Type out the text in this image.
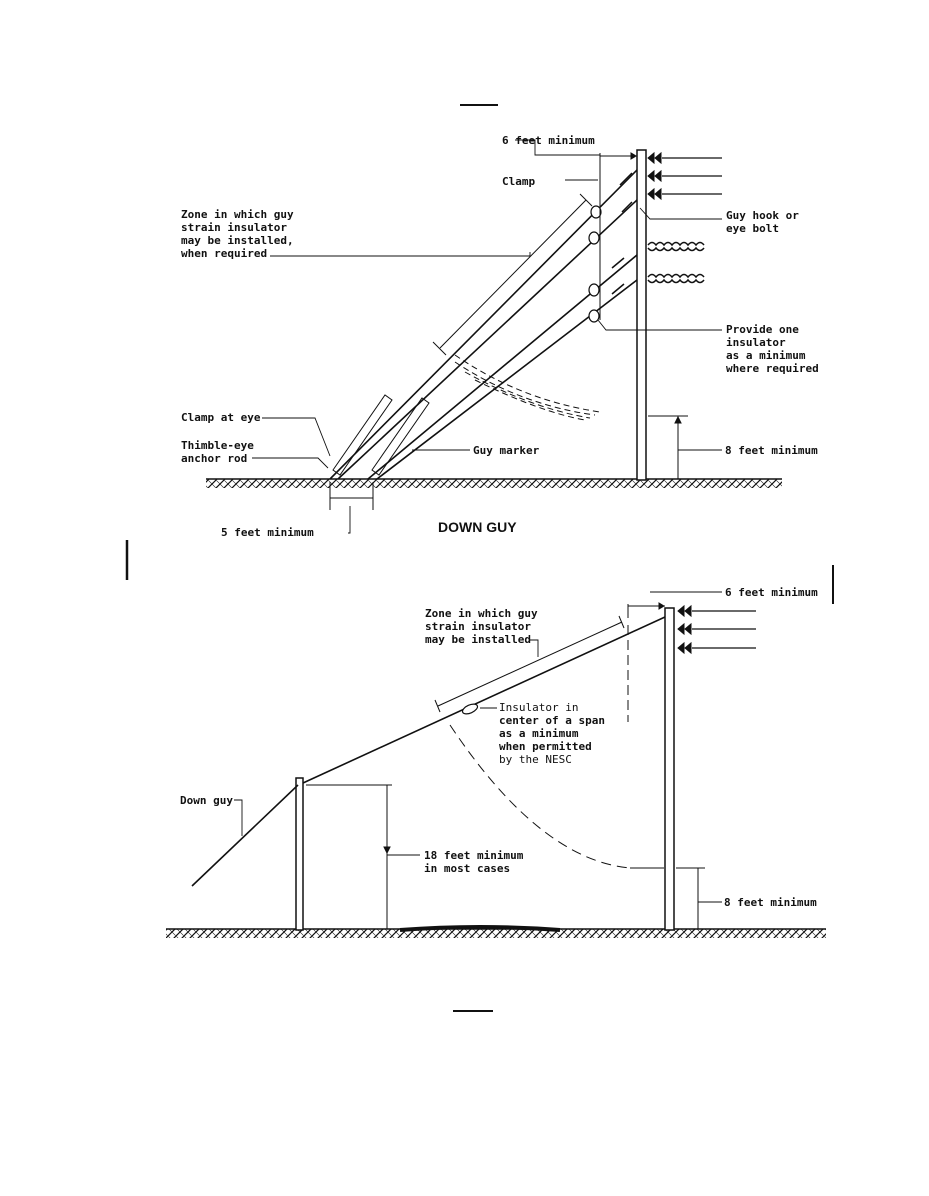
6 feet minimum
Clamp
Zone in which guy
strain insulator
may be installed,
when required
Guy hook or
eye bolt
Provide one
insulator
as a minimum
where required
Clamp at eye
Thimble-eye
anchor rod
Guy marker	8 feet minimum
5 feet minimum	DOWN GUY
6 feet minimum
Zone in which guy
strain insulator
may be installed
Insulator in
center of a span
as a minimum
when permitted
by the NESC
Down guy
18 feet minimum
in most cases
8 feet minimum
